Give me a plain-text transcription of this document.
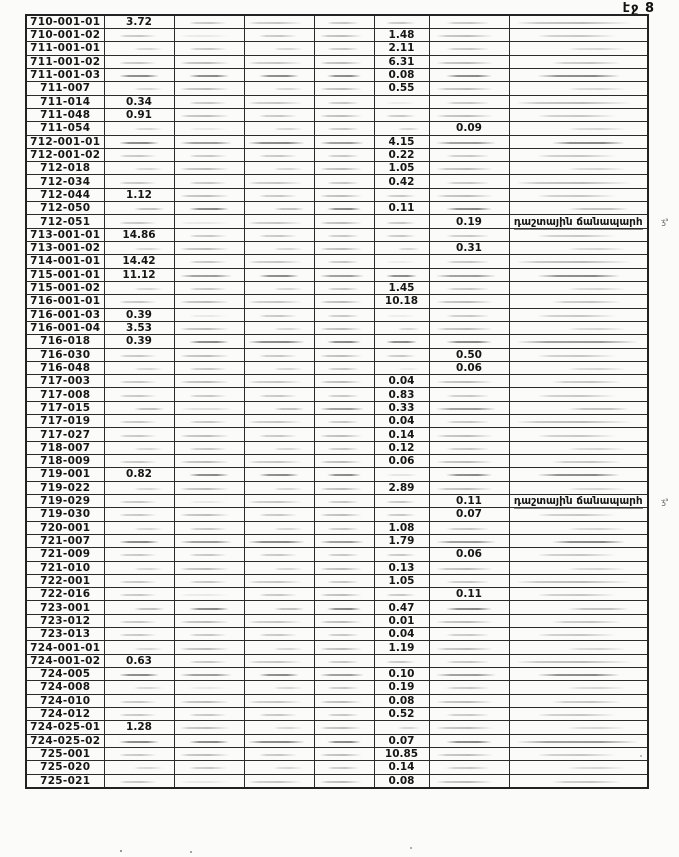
էջ 8
710-001-01	3.72						
710-001-02					1.48		
711-001-01					2.11		
711-001-02					6.31		
711-001-03					0.08		
711-007					0.55		
711-014	0.34						
711-048	0.91						
711-054						0.09	
712-001-01					4.15		
712-001-02					0.22		
712-018					1.05		
712-034					0.42		
712-044	1.12						
712-050					0.11		
712-051						0.19	դաշտային ճանապարհ ʒᵃ

713-001-01	14.86						
713-001-02						0.31	
714-001-01	14.42						
715-001-01	11.12						
715-001-02					1.45		
716-001-01					10.18		
716-001-03	0.39						
716-001-04	3.53						
716-018	0.39						
716-030						0.50	
716-048						0.06	
717-003					0.04		
717-008					0.83		
717-015					0.33		
717-019					0.04		
717-027					0.14		
718-007					0.12		
718-009					0.06		
719-001	0.82						
719-022					2.89		
719-029						0.11	դաշտային ճանապարհ ʒᵃ

719-030						0.07	
720-001					1.08		
721-007					1.79		
721-009						0.06	
721-010					0.13		
722-001					1.05		
722-016						0.11	
723-001					0.47		
723-012					0.01		
723-013					0.04		
724-001-01					1.19		
724-001-02	0.63						
724-005					0.10		
724-008					0.19		
724-010					0.08		
724-012					0.52		
724-025-01	1.28						
724-025-02					0.07		
725-001					10.85		
725-020					0.14		
725-021					0.08		
